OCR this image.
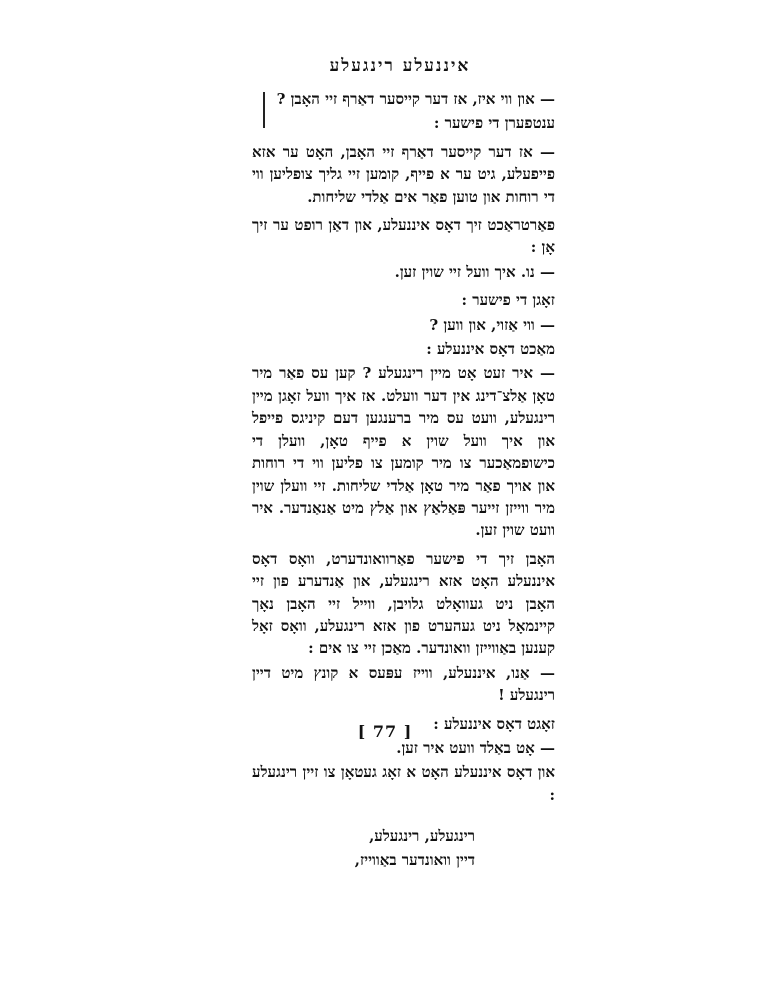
איננעלע רינגעלע

— און ווי איז, אז דער קייסער דאַרף זיי האָבן ?

ענטפערן די פישער :

— אז דער קייסער דאַרף זיי האָבן, האָט ער אזא פייפעלע, גיט ער א פייף, קומען זיי גליך צופליען ווי די רוחות און טוען פאַר אים אַלדי שליחות.

פאַרטראַכט זיך דאָס איננעלע, און דאַן רופט ער זיך אָן :

— נו. איך וועל זיי שוין זען.

זאָגן די פישער :

— ווי אַזוי, און ווען ?

מאַכט דאָס איננעלע :

— איר זעט אָט מיין רינגעלע ? קען עס פאַר מיר טאָן אַלצ־דינג אין דער וועלט. אז איך וועל זאָגן מיין רינגעלע, וועט עס מיר ברענגען דעם קיניגס פייפל און איך וועל שוין א פייף טאָן, וועלן די כישופמאַכער צו מיר קומען צו פליען ווי די רוחות און אויך פאַר מיר טאָן אַלדי שליחות. זיי וועלן שוין מיר ווייזן זייער פּאַלאַץ און אַלץ מיט אַנאַנדער. איר וועט שוין זען.

האָבן זיך די פישער פאַרוואונדערט, וואָס דאָס איננעלע האָט אזא רינגעלע, און אַנדערע פון זיי האָבן ניט געוואָלט גלויבן, ווייל זיי האָבן נאָך קיינמאָל ניט געהערט פון אזא רינגעלע, וואָס זאָל קענען באַווייזן וואונדער. מאַכן זיי צו אים :

— אַנו, איננעלע, ווייז עפּעס א קונץ מיט דיין רינגעלע !

זאָגט דאָס איננעלע :

— אָט באַלד וועט איר זען.

און דאָס איננעלע האָט א זאָג געטאָן צו זיין רינגעלע :

רינגעלע, רינגעלע,
דיין וואונדער באַווייז,
[ 77 ]
